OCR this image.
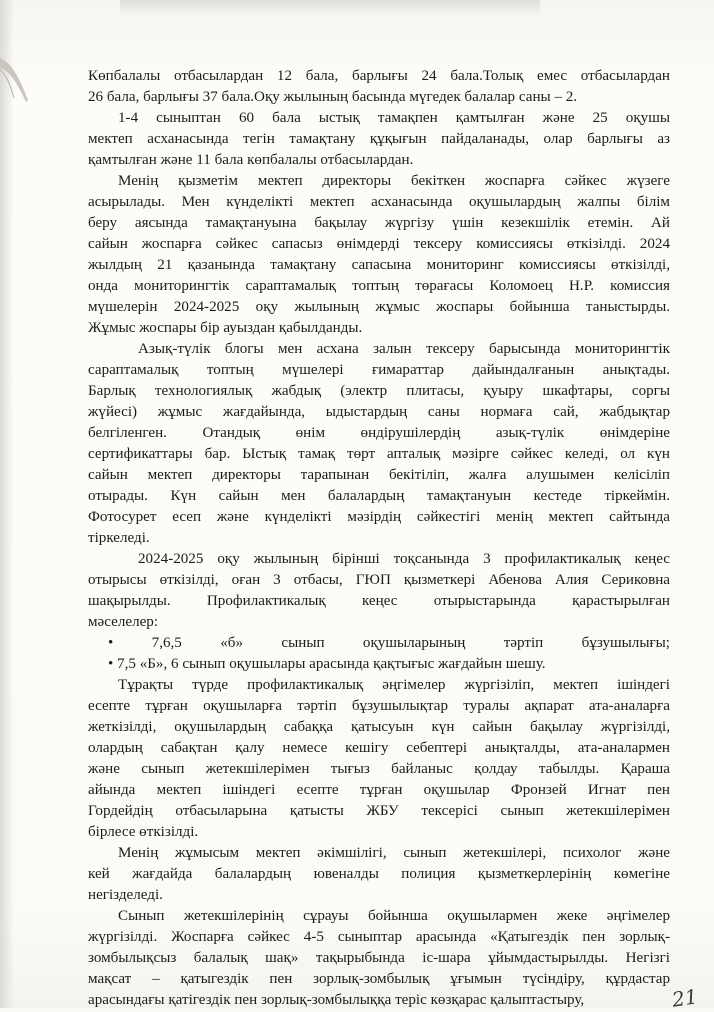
Көпбалалы отбасылардан 12 бала, барлығы 24 бала.Толық емес отбасылардан
26 бала, барлығы 37 бала.Оқу жылының басында мүгедек балалар саны – 2.
1-4 сыныптан 60 бала ыстық тамақпен қамтылған және 25 оқушы
мектеп асханасында тегін тамақтану құқығын пайдаланады, олар барлығы аз
қамтылған және 11 бала көпбалалы отбасылардан.
Менің қызметім мектеп директоры бекіткен жоспарға сәйкес жүзеге
асырылады. Мен күнделікті мектеп асханасында оқушылардың жалпы білім
беру аясында тамақтануына бақылау жүргізу үшін кезекшілік етемін. Ай
сайын жоспарға сәйкес сапасыз өнімдерді тексеру комиссиясы өткізілді. 2024
жылдың 21 қазанында тамақтану сапасына мониторинг комиссиясы өткізілді,
онда мониторингтік сараптамалық топтың төрағасы Коломоец Н.Р. комиссия
мүшелерін 2024-2025 оқу жылының жұмыс жоспары бойынша таныстырды.
Жұмыс жоспары бір ауыздан қабылданды.
Азық-түлік блогы мен асхана залын тексеру барысында мониторингтік
сараптамалық топтың мүшелері ғимараттар дайындалғанын анықтады.
Барлық технологиялық жабдық (электр плитасы, қуыру шкафтары, соргы
жүйесі) жұмыс жағдайында, ыдыстардың саны нормаға сай, жабдықтар
белгіленген. Отандық өнім өндірушілердің азық-түлік өнімдеріне
сертификаттары бар. Ыстық тамақ төрт апталық мәзірге сәйкес келеді, ол күн
сайын мектеп директоры тарапынан бекітіліп, жалға алушымен келісіліп
отырады. Күн сайын мен балалардың тамақтануын кестеде тіркеймін.
Фотосурет есеп және күнделікті мәзірдің сәйкестігі менің мектеп сайтында
тіркеледі.
2024-2025 оқу жылының бірінші тоқсанында 3 профилактикалық кеңес
отырысы өткізілді, оған 3 отбасы, ГЮП қызметкері Абенова Алия Сериковна
шақырылды. Профилактикалық кеңес отырыстарында қарастырылған
мәселелер:
• 7,6,5 «б» сынып оқушыларының тәртіп бұзушылығы;
• 7,5 «Б», 6 сынып оқушылары арасында қақтығыс жағдайын шешу.
Тұрақты түрде профилактикалық әңгімелер жүргізіліп, мектеп ішіндегі
есепте тұрған оқушыларға тәртіп бұзушылықтар туралы ақпарат ата-аналарға
жеткізілді, оқушылардың сабаққа қатысуын күн сайын бақылау жүргізілді,
олардың сабақтан қалу немесе кешігу себептері анықталды, ата-аналармен
және сынып жетекшілерімен тығыз байланыс қолдау табылды. Қараша
айында мектеп ішіндегі есепте тұрған оқушылар Фронзей Игнат пен
Гордейдің отбасыларына қатысты ЖБУ тексерісі сынып жетекшілерімен
бірлесе өткізілді.
Менің жұмысым мектеп әкімшілігі, сынып жетекшілері, психолог және
кей жағдайда балалардың ювеналды полиция қызметкерлерінің көмегіне
негізделеді.
Сынып жетекшілерінің сұрауы бойынша оқушылармен жеке әңгімелер
жүргізілді. Жоспарға сәйкес 4-5 сыныптар арасында «Қатыгездік пен зорлық-
зомбылықсыз балалық шақ» тақырыбында іс-шара ұйымдастырылды. Негізгі
мақсат – қатыгездік пен зорлық-зомбылық ұғымын түсіндіру, құрдастар
арасындағы қатігездік пен зорлық-зомбылыққа теріс көзқарас қалыптастыру,	21
